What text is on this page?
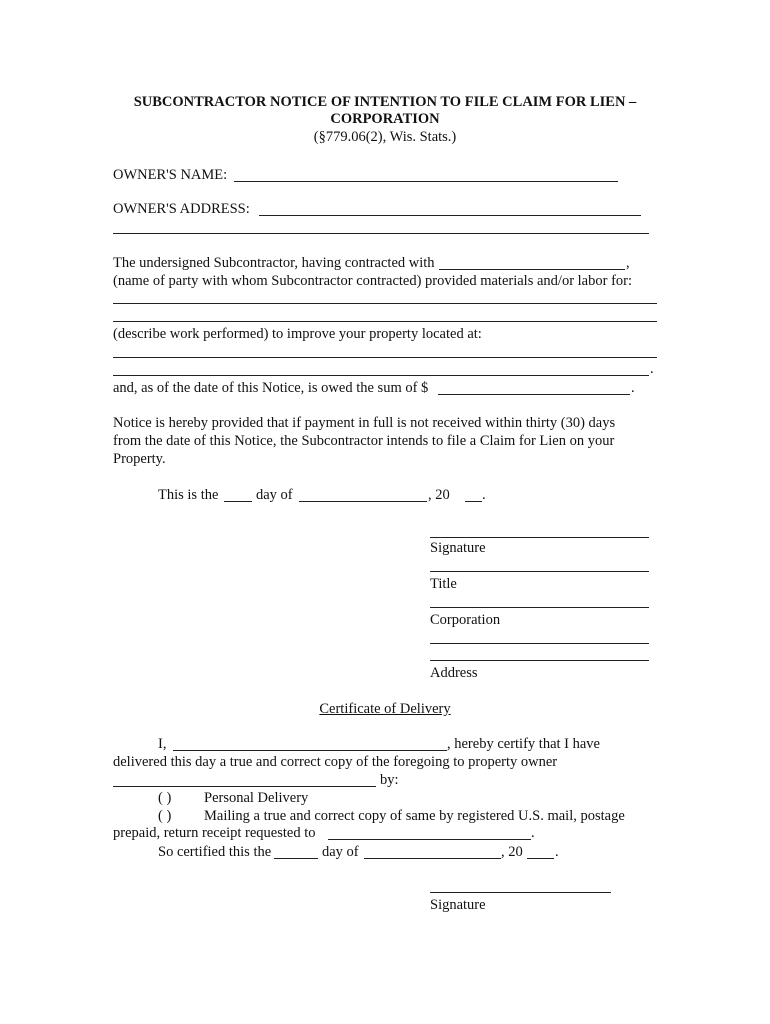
SUBCONTRACTOR NOTICE OF INTENTION TO FILE CLAIM FOR LIEN –
CORPORATION
(§779.06(2), Wis. Stats.)
OWNER'S NAME:
OWNER'S ADDRESS:
The undersigned Subcontractor, having contracted with	,
(name of party with whom Subcontractor contracted) provided materials and/or labor for:
(describe work performed) to improve your property located at:
.
and, as of the date of this Notice, is owed the sum of $	.
Notice is hereby provided that if payment in full is not received within thirty (30) days
from the date of this Notice, the Subcontractor intends to file a Claim for Lien on your
Property.
This is the	day of	, 20 .
Signature
Title
Corporation
Address
Certificate of Delivery
I,	, hereby certify that I have
delivered this day a true and correct copy of the foregoing to property owner
by:
( ) Personal Delivery
( ) Mailing a true and correct copy of same by registered U.S. mail, postage
prepaid, return receipt requested to	.
So certified this the	day of	, 20 .
Signature
